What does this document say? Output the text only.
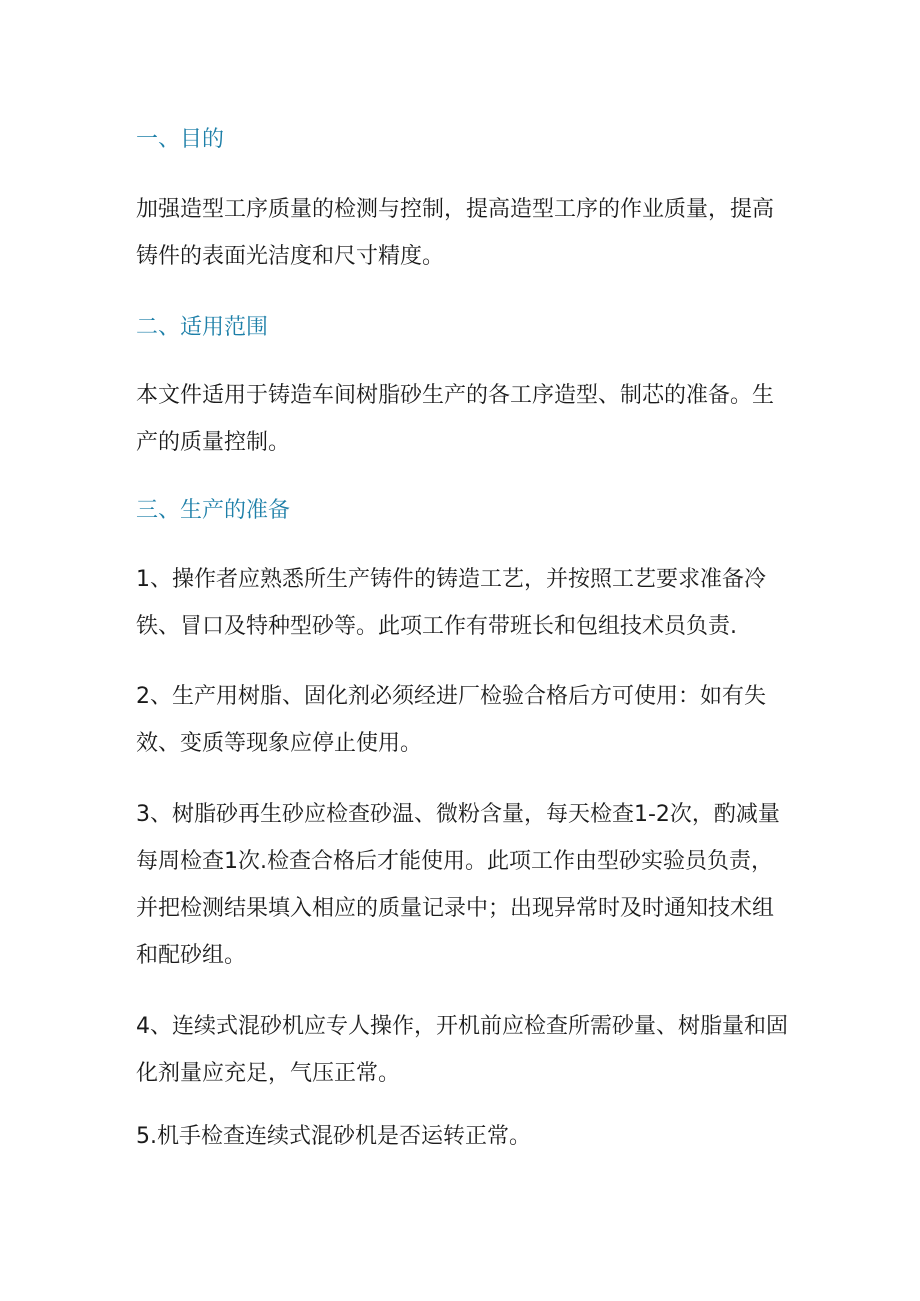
一、目的
加强造型工序质量的检测与控制，提高造型工序的作业质量，提高
铸件的表面光洁度和尺寸精度。
二、适用范围
本文件适用于铸造车间树脂砂生产的各工序造型、制芯的准备。生
产的质量控制。
三、生产的准备
1、操作者应熟悉所生产铸件的铸造工艺，并按照工艺要求准备冷
铁、冒口及特种型砂等。此项工作有带班长和包组技术员负责.
2、生产用树脂、固化剂必须经进厂检验合格后方可使用：如有失
效、变质等现象应停止使用。
3、树脂砂再生砂应检查砂温、微粉含量，每天检查1-2次，酌减量
每周检查1次.检查合格后才能使用。此项工作由型砂实验员负责，
并把检测结果填入相应的质量记录中；出现异常时及时通知技术组
和配砂组。
4、连续式混砂机应专人操作，开机前应检查所需砂量、树脂量和固
化剂量应充足，气压正常。
5.机手检查连续式混砂机是否运转正常。
